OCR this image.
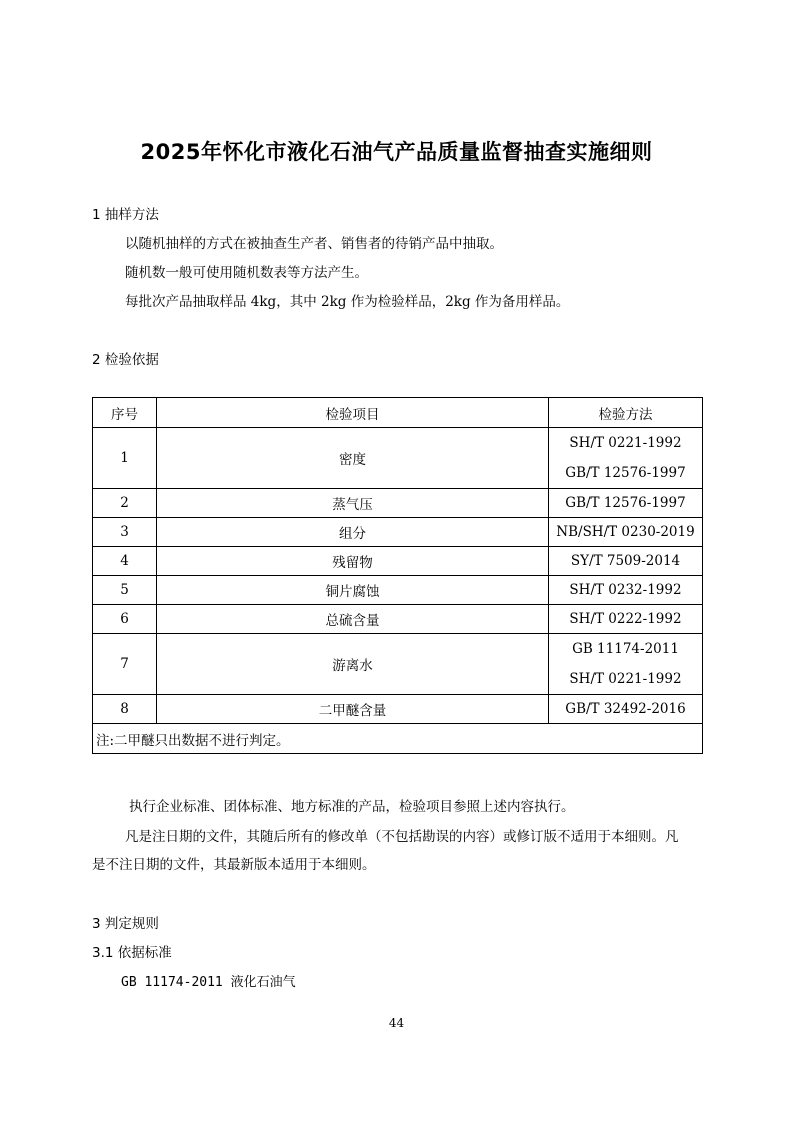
2025年怀化市液化石油气产品质量监督抽查实施细则
1 抽样方法
以随机抽样的方式在被抽查生产者、销售者的待销产品中抽取。
随机数一般可使用随机数表等方法产生。
每批次产品抽取样品 4kg，其中 2kg 作为检验样品，2kg 作为备用样品。
2 检验依据
序号	检验项目	检验方法
1	密度	SH/T 0221-1992
GB/T 12576-1997

2	蒸气压	GB/T 12576-1997
3	组分	NB/SH/T 0230-2019
4	残留物	SY/T 7509-2014
5	铜片腐蚀	SH/T 0232-1992
6	总硫含量	SH/T 0222-1992
7	游离水	GB 11174-2011
SH/T 0221-1992

8	二甲醚含量	GB/T 32492-2016
注:二甲醚只出数据不进行判定。		
执行企业标准、团体标准、地方标准的产品，检验项目参照上述内容执行。
凡是注日期的文件，其随后所有的修改单（不包括勘误的内容）或修订版不适用于本细则。凡
是不注日期的文件，其最新版本适用于本细则。
3 判定规则
3.1 依据标准
GB 11174-2011 液化石油气
44
